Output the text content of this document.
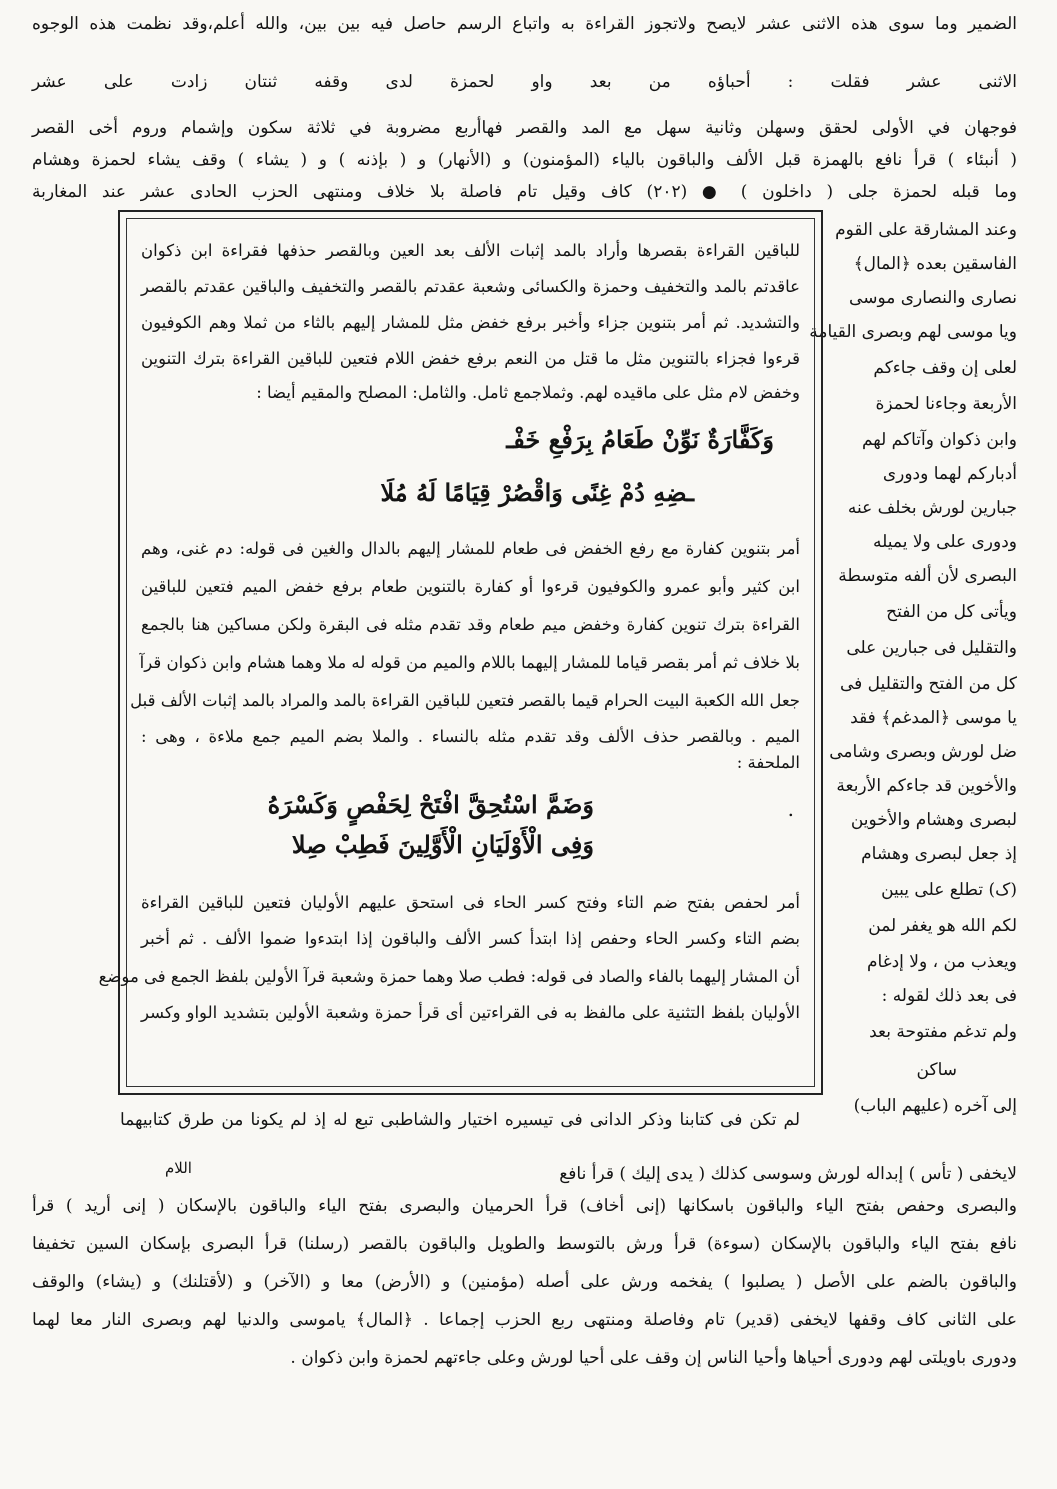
الضمير وما سوى هذه الاثنى عشر لايصح ولاتجوز القراءة به واتباع الرسم حاصل فيه بين بين، والله أعلم،وقد نظمت هذه الوجوه
الاثنى عشر فقلت : أحباؤه من بعد واو لحمزة لدى وقفه ثنتان زادت على عشر
فوجهان في الأولى لحقق وسهلن وثانية سهل مع المد والقصر فهاأربع مضروبة في ثلاثة سكون وإشمام وروم أخى القصر
( أنبئاء ) قرأ نافع بالهمزة قبل الألف والباقون بالياء (المؤمنون) و (الأنهار) و ( بإذنه ) و ( يشاء ) وقف يشاء لحمزة وهشام
وما قبله لحمزة جلى ( داخلون ) ● (٢٠٢) كاف وقيل تام فاصلة بلا خلاف ومنتهى الحزب الحادى عشر عند المغاربة
وعند المشارقة على القوم
الفاسقين بعده ﴿المال﴾
نصارى والنصارى موسى
ويا موسى لهم وبصرى القيامة
لعلى إن وقف جاءكم
الأربعة وجاءنا لحمزة
وابن ذكوان وآتاكم لهم
أدباركم لهما ودورى
جبارين لورش بخلف عنه
ودورى على ولا يميله
البصرى لأن ألفه متوسطة
ويأتى كل من الفتح
والتقليل فى جبارين على
كل من الفتح والتقليل فى
يا موسى ﴿المدغم﴾ فقد
ضل لورش وبصرى وشامى
والأخوين قد جاءكم الأربعة
لبصرى وهشام والأخوين
إذ جعل لبصرى وهشام
(ک) تطلع على يبين
لكم الله هو يغفر لمن
ويعذب من ، ولا إدغام
فى بعد ذلك لقوله :
ولم تدغم مفتوحة بعد
ساكن
إلى آخره (عليهم الباب)
للباقين القراءة بقصرها وأراد بالمد إثبات الألف بعد العين وبالقصر حذفها فقراءة ابن ذكوان
عاقدتم بالمد والتخفيف وحمزة والكسائى وشعبة عقدتم بالقصر والتخفيف والباقين عقدتم بالقصر
والتشديد. ثم أمر بتنوين جزاء وأخبر برفع خفض مثل للمشار إليهم بالثاء من ثملا وهم الكوفيون
قرءوا فجزاء بالتنوين مثل ما قتل من النعم برفع خفض اللام فتعين للباقين القراءة بترك التنوين
وخفض لام مثل على ماقيده لهم. وثملاجمع ثامل. والثامل: المصلح والمقيم أيضا :
وَكَفَّارَةٌ نَوِّنْ طَعَامُ بِرَفْعِ خَفْـ
ـضِهِ دُمْ غِنًى وَاقْصُرْ قِيَامًا لَهُ مُلَا
أمر بتنوين كفارة مع رفع الخفض فى طعام للمشار إليهم بالدال والغين فى قوله: دم غنى، وهم
ابن كثير وأبو عمرو والكوفيون قرءوا أو كفارة بالتنوين طعام برفع خفض الميم فتعين للباقين
القراءة بترك تنوين كفارة وخفض ميم طعام وقد تقدم مثله فى البقرة ولكن مساكين هنا بالجمع
بلا خلاف ثم أمر بقصر قياما للمشار إليهما باللام والميم من قوله له ملا وهما هشام وابن ذكوان قرآ
جعل الله الكعبة البيت الحرام قيما بالقصر فتعين للباقين القراءة بالمد والمراد بالمد إثبات الألف قبل
الميم . وبالقصر حذف الألف وقد تقدم مثله بالنساء . والملا بضم الميم جمع ملاءة ، وهى :
الملحفة :
وَضَمَّ اسْتُحِقَّ افْتَحْ لِحَفْصٍ وَكَسْرَهُ	.
وَفِى الْأَوْلَيَانِ الْأَوَّلِينَ فَطِبْ صِلا
أمر لحفص بفتح ضم التاء وفتح كسر الحاء فى استحق عليهم الأوليان فتعين للباقين القراءة
بضم التاء وكسر الحاء وحفص إذا ابتدأ كسر الألف والباقون إذا ابتدءوا ضموا الألف . ثم أخبر
أن المشار إليهما بالفاء والصاد فى قوله: فطب صلا وهما حمزة وشعبة قرآ الأولين بلفظ الجمع فى موضع
الأوليان بلفظ التثنية على مالفظ به فى القراءتين أى قرأ حمزة وشعبة الأولين بتشديد الواو وكسر
لم تكن فى كتابنا وذكر الدانى فى تيسيره اختيار والشاطبى تبع له إذ لم يكونا من طرق كتابيهما
اللام	لايخفى ( تأس ) إبداله لورش وسوسى كذلك ( يدى إليك ) قرأ نافع
والبصرى وحفص بفتح الياء والباقون باسكانها (إنى أخاف) قرأ الحرميان والبصرى بفتح الياء والباقون بالإسكان ( إنى أريد ) قرأ
نافع بفتح الياء والباقون بالإسكان (سوءة) قرأ ورش بالتوسط والطويل والباقون بالقصر (رسلنا) قرأ البصرى بإسكان السين تخفيفا
والباقون بالضم على الأصل ( يصلبوا ) يفخمه ورش على أصله (مؤمنين) و (الأرض) معا و (الآخر) و (لأقتلنك) و (يشاء) والوقف
على الثانى كاف وقفها لايخفى (قدير) تام وفاصلة ومنتهى ربع الحزب إجماعا . ﴿المال﴾ ياموسى والدنيا لهم وبصرى النار معا لهما
ودورى باويلتى لهم ودورى أحياها وأحيا الناس إن وقف على أحيا لورش وعلى جاءتهم لحمزة وابن ذكوان .
